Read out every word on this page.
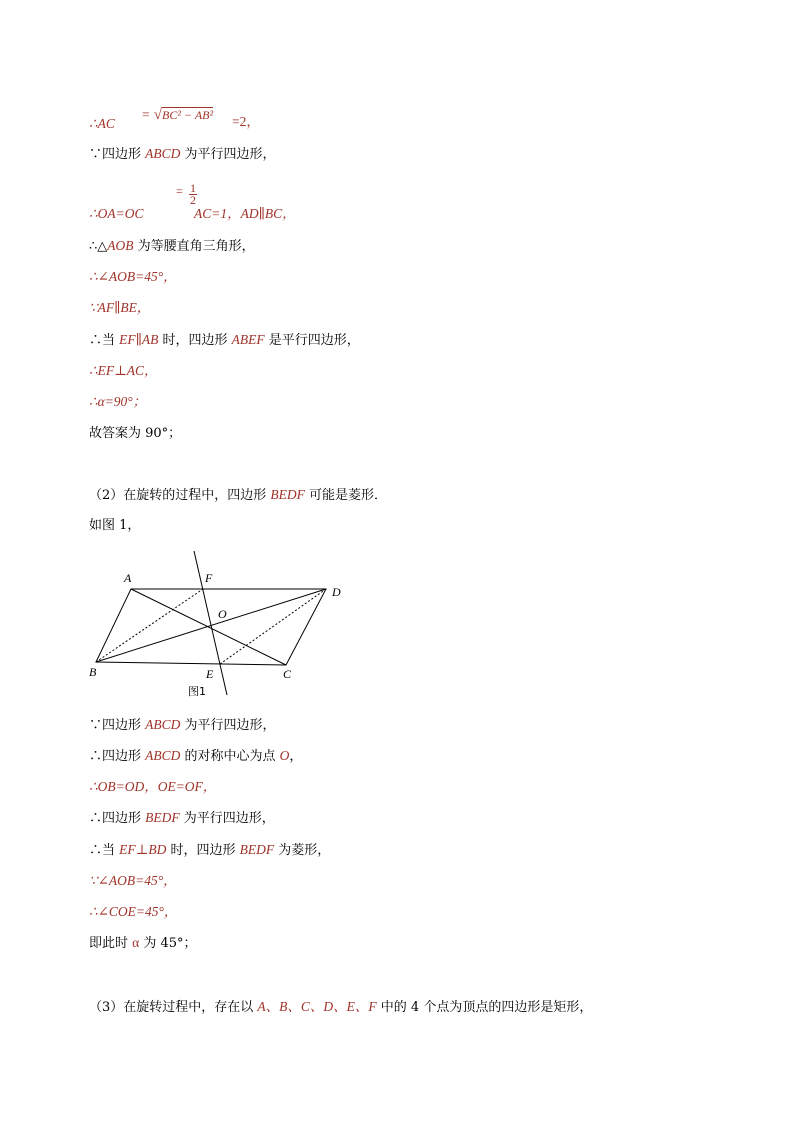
∴AC
= √BC² − AB² =2，
∵四边形 ABCD 为平行四边形，
= $\frac{1}{2}$
∴OA=OC	AC=1，AD∥BC，
∴△AOB 为等腰直角三角形，
∴∠AOB=45°，
∵AF∥BE，
∴当 EF∥AB 时，四边形 ABEF 是平行四边形，
∴EF⊥AC，
∴α=90°；
故答案为 90°；
（2）在旋转的过程中，四边形 BEDF 可能是菱形．
如图 1，
A	F
D
O
B	E	C
图1
∵四边形 ABCD 为平行四边形，
∴四边形 ABCD 的对称中心为点 O，
∴OB=OD，OE=OF，
∴四边形 BEDF 为平行四边形，
∴当 EF⊥BD 时，四边形 BEDF 为菱形，
∵∠AOB=45°，
∴∠COE=45°，
即此时 α 为 45°；
（3）在旋转过程中，存在以 A、B、C、D、E、F 中的 4 个点为顶点的四边形是矩形，
